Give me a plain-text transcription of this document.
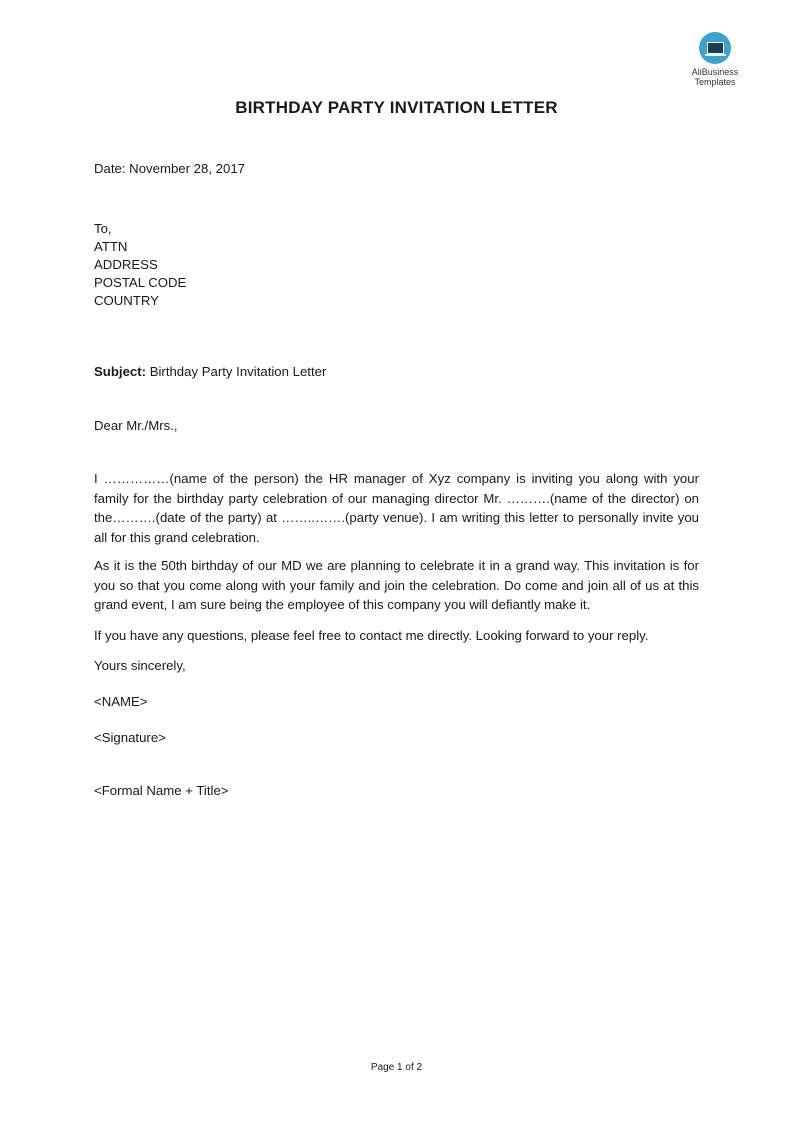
AliBusiness
Templates
BIRTHDAY PARTY INVITATION LETTER
Date: November 28, 2017
To,
ATTN
ADDRESS
POSTAL CODE
COUNTRY
Subject: Birthday Party Invitation Letter
Dear Mr./Mrs.,
I ……………(name of the person) the HR manager of Xyz company is inviting you along with your family for the birthday party celebration of our managing director Mr. ……….(name of the director) on the……….(date of the party) at ……..…….(party venue). I am writing this letter to personally invite you all for this grand celebration.
As it is the 50th birthday of our MD we are planning to celebrate it in a grand way. This invitation is for you so that you come along with your family and join the celebration. Do come and join all of us at this grand event, I am sure being the employee of this company you will defiantly make it.
If you have any questions, please feel free to contact me directly. Looking forward to your reply.
Yours sincerely,
<NAME>
<Signature>
<Formal Name + Title>
Page 1 of 2
